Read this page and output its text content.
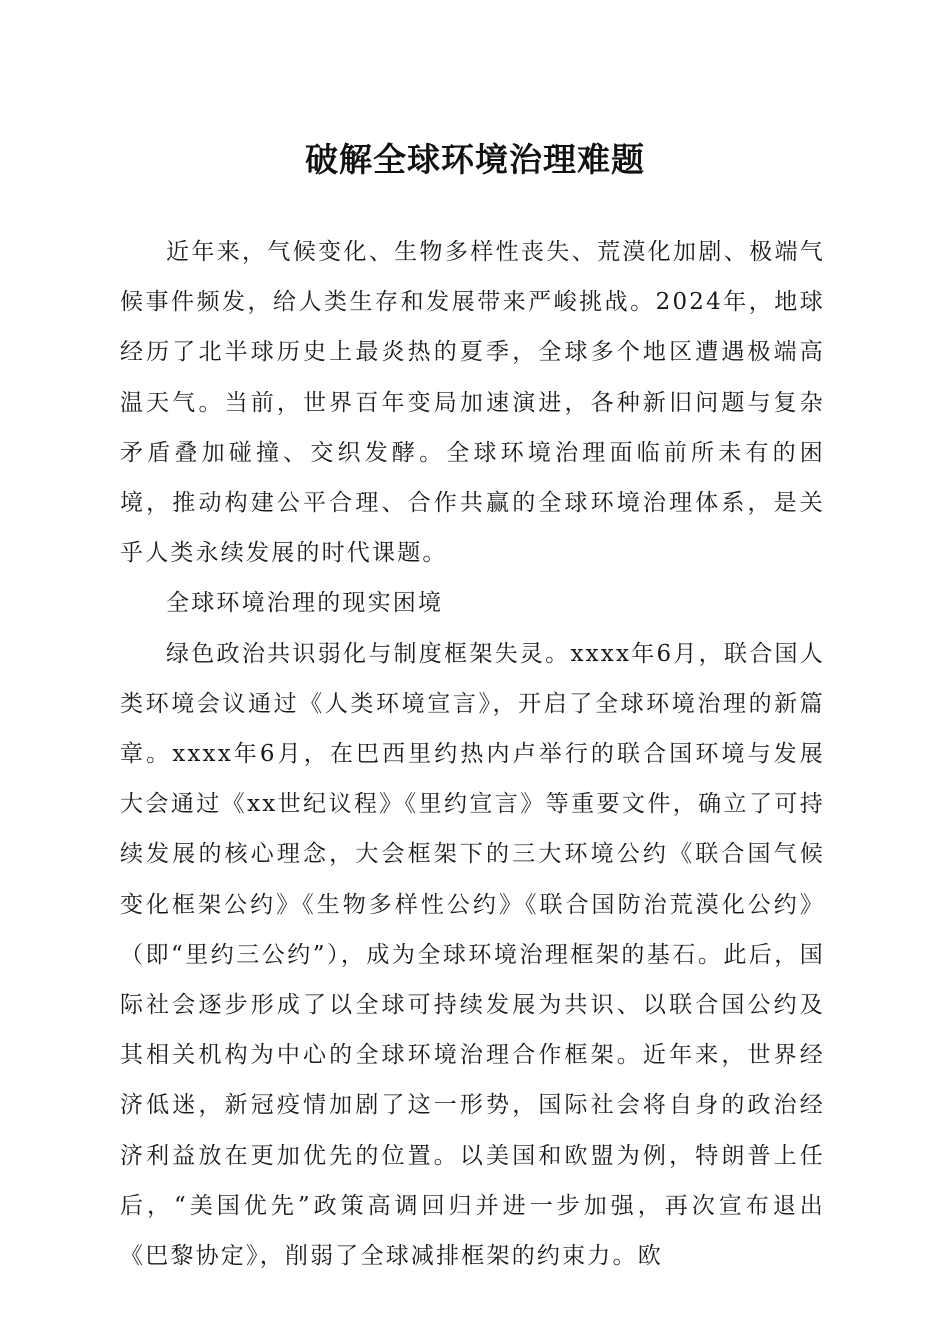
破解全球环境治理难题

近年来，气候变化、生物多样性丧失、荒漠化加剧、极端气候事件频发，给人类生存和发展带来严峻挑战。2024年，地球经历了北半球历史上最炎热的夏季，全球多个地区遭遇极端高温天气。当前，世界百年变局加速演进，各种新旧问题与复杂矛盾叠加碰撞、交织发酵。全球环境治理面临前所未有的困境，推动构建公平合理、合作共赢的全球环境治理体系，是关乎人类永续发展的时代课题。

全球环境治理的现实困境

绿色政治共识弱化与制度框架失灵。xxxx年6月，联合国人类环境会议通过《人类环境宣言》，开启了全球环境治理的新篇章。xxxx年6月，在巴西里约热内卢举行的联合国环境与发展大会通过《xx世纪议程》《里约宣言》等重要文件，确立了可持续发展的核心理念，大会框架下的三大环境公约《联合国气候变化框架公约》《生物多样性公约》《联合国防治荒漠化公约》（即“里约三公约”），成为全球环境治理框架的基石。此后，国际社会逐步形成了以全球可持续发展为共识、以联合国公约及其相关机构为中心的全球环境治理合作框架。近年来，世界经济低迷，新冠疫情加剧了这一形势，国际社会将自身的政治经济利益放在更加优先的位置。以美国和欧盟为例，特朗普上任后，“美国优先”政策高调回归并进一步加强，再次宣布退出《巴黎协定》，削弱了全球减排框架的约束力。欧
